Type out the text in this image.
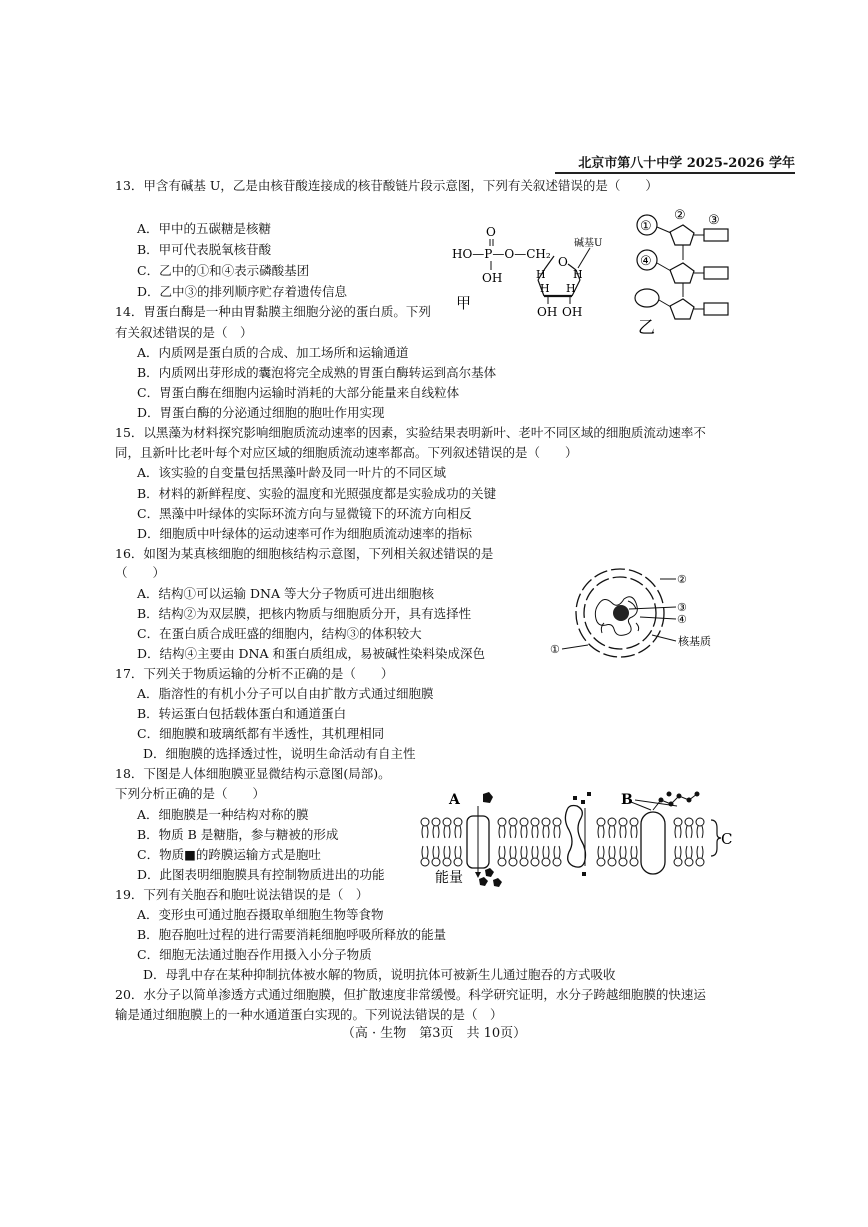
北京市第八十中学 2025-2026 学年
13．甲含有碱基 U，乙是由核苷酸连接成的核苷酸链片段示意图，下列有关叙述错误的是（　　）
A．甲中的五碳糖是核糖
B．甲可代表脱氧核苷酸
C．乙中的①和④表示磷酸基团
D．乙中③的排列顺序贮存着遗传信息
O
HO—P—O—CH₂
OH
O
碱基U
H H
H H
OH OH
甲
①
② ③
④
乙
14．胃蛋白酶是一种由胃黏膜主细胞分泌的蛋白质。下列
有关叙述错误的是（　）
A．内质网是蛋白质的合成、加工场所和运输通道
B．内质网出芽形成的囊泡将完全成熟的胃蛋白酶转运到高尔基体
C．胃蛋白酶在细胞内运输时消耗的大部分能量来自线粒体
D．胃蛋白酶的分泌通过细胞的胞吐作用实现
15．以黑藻为材料探究影响细胞质流动速率的因素，实验结果表明新叶、老叶不同区域的细胞质流动速率不
同，且新叶比老叶每个对应区域的细胞质流动速率都高。下列叙述错误的是（　　）
A．该实验的自变量包括黑藻叶龄及同一叶片的不同区域
B．材料的新鲜程度、实验的温度和光照强度都是实验成功的关键
C．黑藻中叶绿体的实际环流方向与显微镜下的环流方向相反
D．细胞质中叶绿体的运动速率可作为细胞质流动速率的指标
16．如图为某真核细胞的细胞核结构示意图，下列相关叙述错误的是
（　　）
A．结构①可以运输 DNA 等大分子物质可进出细胞核
B．结构②为双层膜，把核内物质与细胞质分开，具有选择性
C．在蛋白质合成旺盛的细胞内，结构③的体积较大
D．结构④主要由 DNA 和蛋白质组成，易被碱性染料染成深色
②
③
④
核基质
①
17．下列关于物质运输的分析不正确的是（　　）
A．脂溶性的有机小分子可以自由扩散方式通过细胞膜
B．转运蛋白包括载体蛋白和通道蛋白
C．细胞膜和玻璃纸都有半透性，其机理相同
D．细胞膜的选择透过性，说明生命活动有自主性
18．下图是人体细胞膜亚显微结构示意图(局部)。
下列分析正确的是（　　）
A．细胞膜是一种结构对称的膜
B．物质 B 是糖脂，参与糖被的形成
C．物质■的跨膜运输方式是胞吐
D．此图表明细胞膜具有控制物质进出的功能
A
能量
B
C
19．下列有关胞吞和胞吐说法错误的是（　）
A．变形虫可通过胞吞摄取单细胞生物等食物
B．胞吞胞吐过程的进行需要消耗细胞呼吸所释放的能量
C．细胞无法通过胞吞作用摄入小分子物质
D．母乳中存在某种抑制抗体被水解的物质，说明抗体可被新生儿通过胞吞的方式吸收
20．水分子以简单渗透方式通过细胞膜，但扩散速度非常缓慢。科学研究证明，水分子跨越细胞膜的快速运
输是通过细胞膜上的一种水通道蛋白实现的。下列说法错误的是（　）
（高 · 生物　第3页　共 10页）
